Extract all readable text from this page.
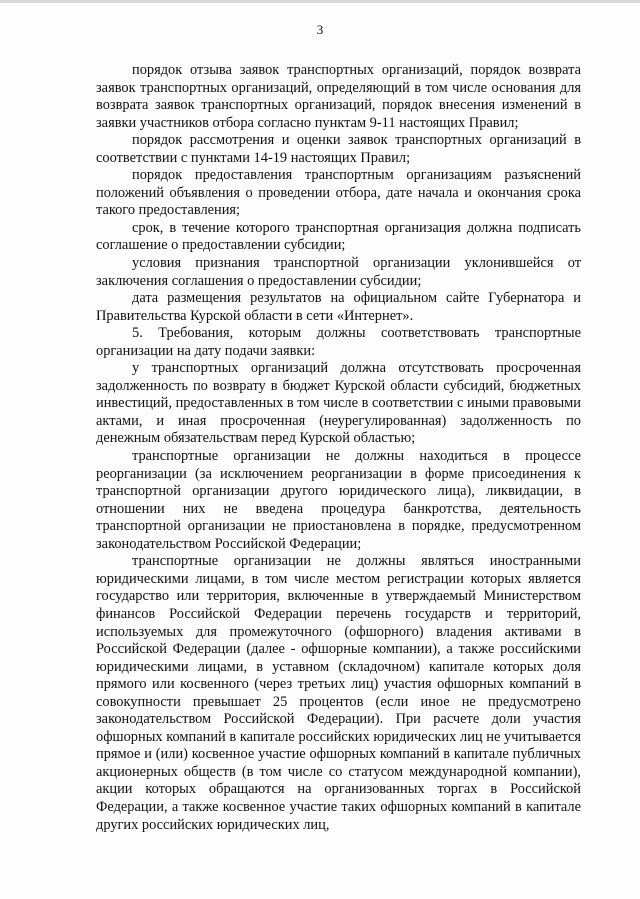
3

порядок отзыва заявок транспортных организаций, порядок возврата заявок транспортных организаций, определяющий в том числе основания для возврата заявок транспортных организаций, порядок внесения изменений в заявки участников отбора согласно пунктам 9-11 настоящих Правил;

порядок рассмотрения и оценки заявок транспортных организаций в соответствии с пунктами 14-19 настоящих Правил;

порядок предоставления транспортным организациям разъяснений положений объявления о проведении отбора, дате начала и окончания срока такого предоставления;

срок, в течение которого транспортная организация должна подписать соглашение о предоставлении субсидии;

условия признания транспортной организации уклонившейся от заключения соглашения о предоставлении субсидии;

дата размещения результатов на официальном сайте Губернатора и Правительства Курской области в сети «Интернет».

5. Требования, которым должны соответствовать транспортные организации на дату подачи заявки:

у транспортных организаций должна отсутствовать просроченная задолженность по возврату в бюджет Курской области субсидий, бюджетных инвестиций, предоставленных в том числе в соответствии с иными правовыми актами, и иная просроченная (неурегулированная) задолженность по денежным обязательствам перед Курской областью;

транспортные организации не должны находиться в процессе реорганизации (за исключением реорганизации в форме присоединения к транспортной организации другого юридического лица), ликвидации, в отношении них не введена процедура банкротства, деятельность транспортной организации не приостановлена в порядке, предусмотренном законодательством Российской Федерации;

транспортные организации не должны являться иностранными юридическими лицами, в том числе местом регистрации которых является государство или территория, включенные в утверждаемый Министерством финансов Российской Федерации перечень государств и территорий, используемых для промежуточного (офшорного) владения активами в Российской Федерации (далее - офшорные компании), а также российскими юридическими лицами, в уставном (складочном) капитале которых доля прямого или косвенного (через третьих лиц) участия офшорных компаний в совокупности превышает 25 процентов (если иное не предусмотрено законодательством Российской Федерации). При расчете доли участия офшорных компаний в капитале российских юридических лиц не учитывается прямое и (или) косвенное участие офшорных компаний в капитале публичных акционерных обществ (в том числе со статусом международной компании), акции которых обращаются на организованных торгах в Российской Федерации, а также косвенное участие таких офшорных компаний в капитале других российских юридических лиц,
